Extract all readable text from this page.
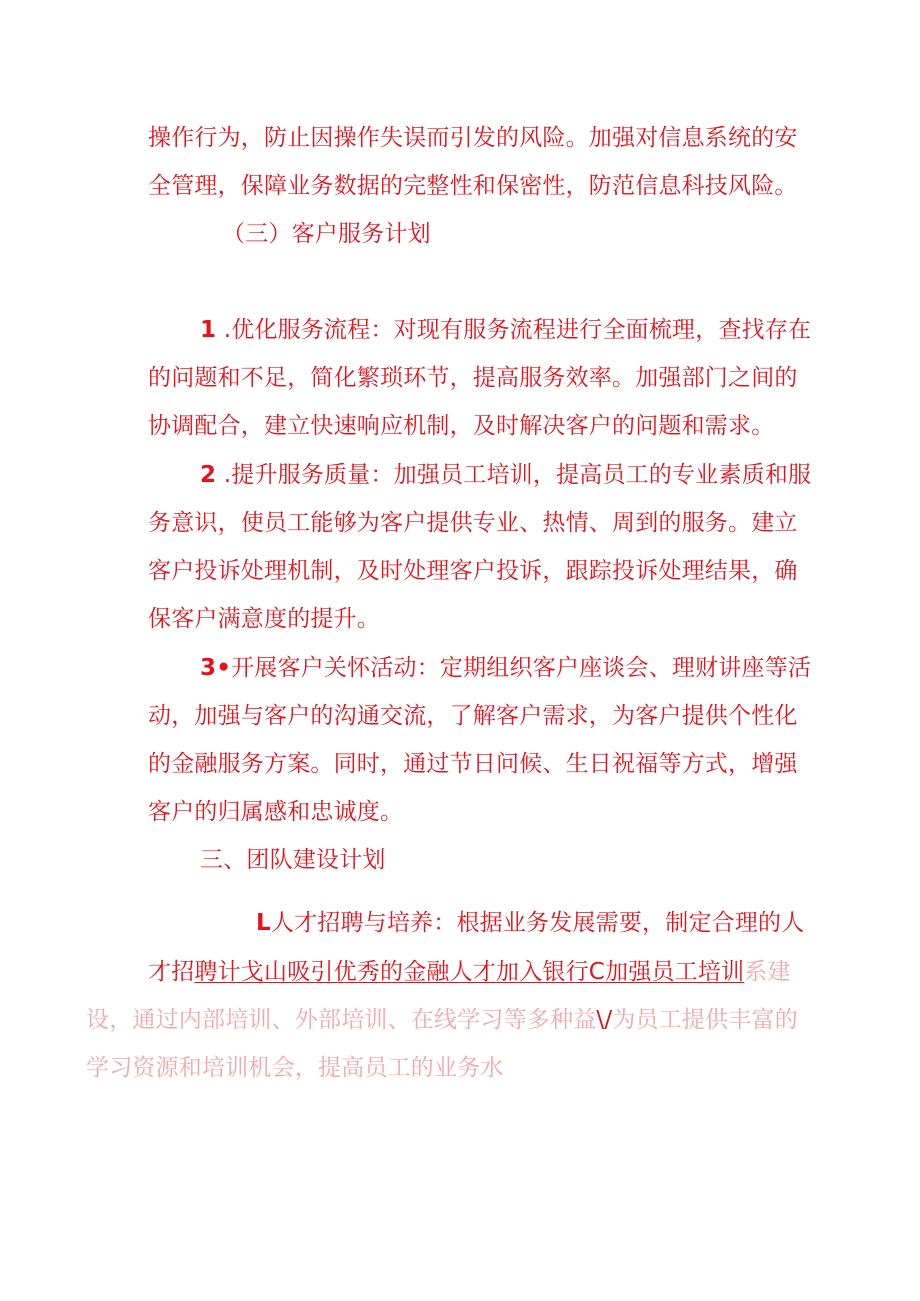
操作行为，防止因操作失误而引发的风险。加强对信息系统的安
全管理，保障业务数据的完整性和保密性，防范信息科技风险。
（三）客户服务计划
1 .优化服务流程：对现有服务流程进行全面梳理，查找存在
的问题和不足，简化繁琐环节，提高服务效率。加强部门之间的
协调配合，建立快速响应机制，及时解决客户的问题和需求。
2 .提升服务质量：加强员工培训，提高员工的专业素质和服
务意识，使员工能够为客户提供专业、热情、周到的服务。建立
客户投诉处理机制，及时处理客户投诉，跟踪投诉处理结果，确
保客户满意度的提升。
3•开展客户关怀活动：定期组织客户座谈会、理财讲座等活
动，加强与客户的沟通交流，了解客户需求，为客户提供个性化
的金融服务方案。同时，通过节日问候、生日祝福等方式，增强
客户的归属感和忠诚度。
三、团队建设计划
L人才招聘与培养：根据业务发展需要，制定合理的人
才招聘计戈山吸引优秀的金融人才加入银行C加强员工培训系建
设，通过内部培训、外部培训、在线学习等多种益\/为员工提供丰富的
学习资源和培训机会，提高员工的业务水
